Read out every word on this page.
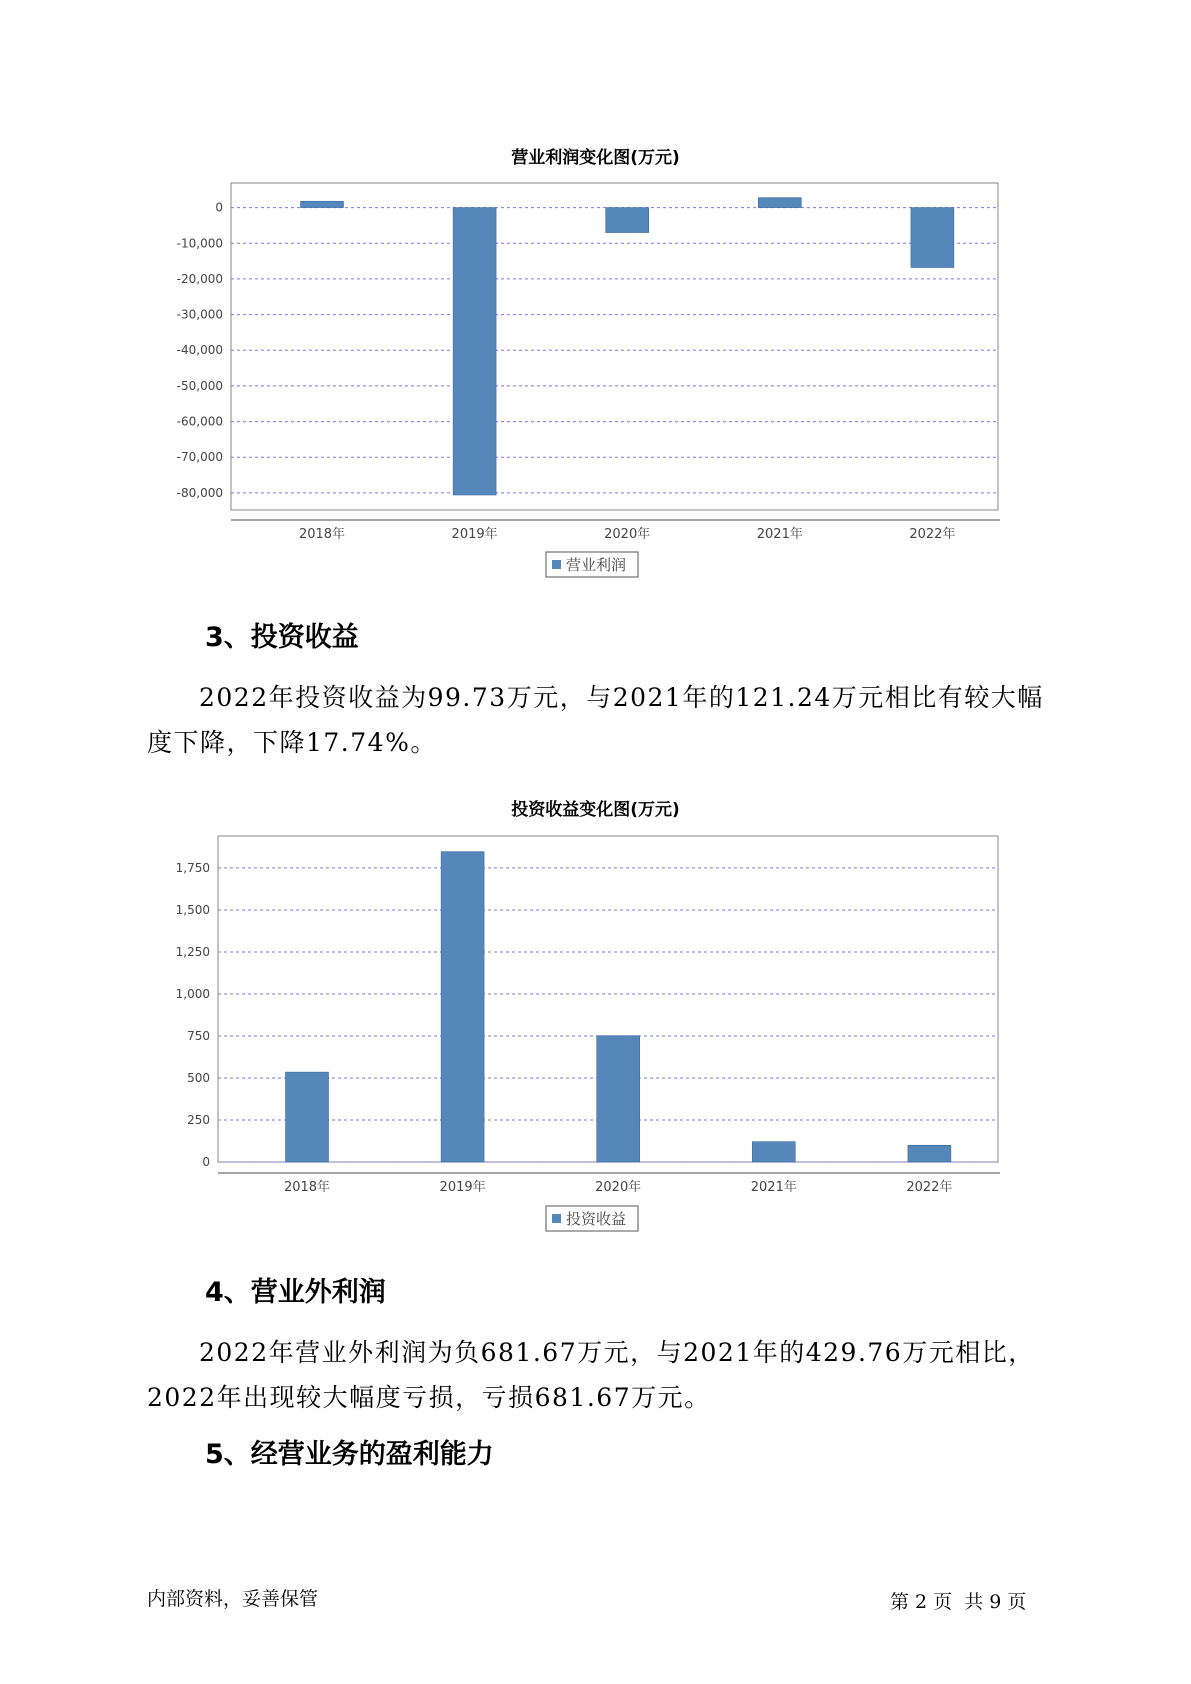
营业利润变化图(万元)
0
-10,000
-20,000
-30,000
-40,000
-50,000
-60,000
-70,000
-80,000
2018年	2019年	2020年	2021年	2022年
营业利润
3、投资收益

2022年投资收益为99.73万元，与2021年的121.24万元相比有较大幅度下降，下降17.74%。

投资收益变化图(万元)
0
250
500
750
1,000
1,250
1,500
1,750
2018年	2019年	2020年	2021年	2022年
投资收益
4、营业外利润

2022年营业外利润为负681.67万元，与2021年的429.76万元相比，2022年出现较大幅度亏损，亏损681.67万元。

5、经营业务的盈利能力
内部资料，妥善保管	第 2 页  共 9 页
